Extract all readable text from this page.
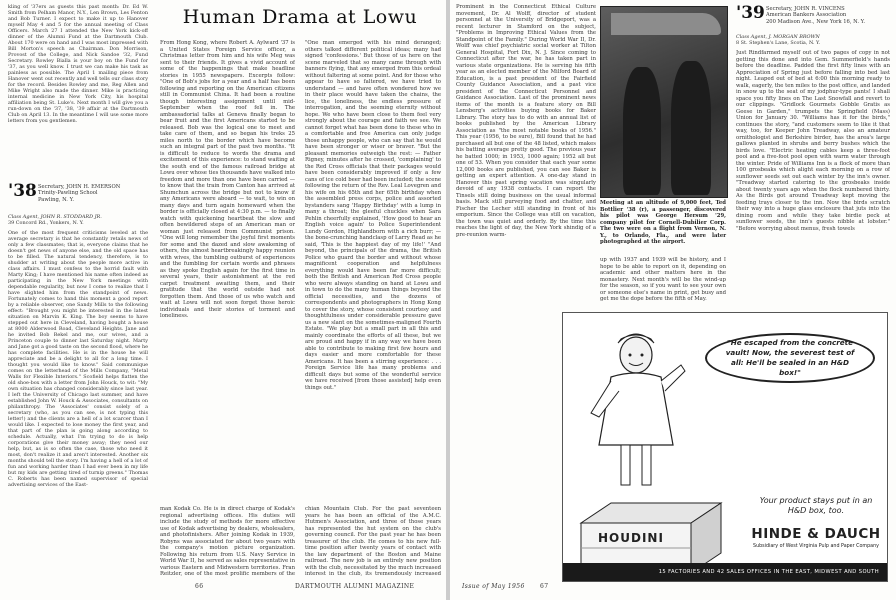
kling of '37ers as guests this past month: Dr. Ed W. Smith from Pelham Manor, N.Y., Len Brown, Les Fenton and Bob Turner. I expect to make it up to Hanover myself May 4 and 5 for the annual meeting of Class Officers. March 27 I attended the New York kick-off dinner of the Alumni Fund at the Dartmouth Club. About 170 were on hand and I was most impressed with Bill Morton's speech as Chairman. Don Morrison, Provost of the College, and Nick Sandoe '32, Fund Secretary. Rowley Bialla is your boy on the Fund for '37, as you well know. I trust we can make his task as painless as possible. The April 1 mailing piece from Hanover went out recently and well tells our class story for the record. Besides Rowley and me, Reg Allen and Mike Wright also made the dinner. Mike is practicing internal medicine in New York City, his hospital affiliation being St. Luke's. Next month I will give you a run-down on the '37, '38, '39 affair at the Dartmouth Club on April 13. In the meantime I will use some more letters from you gentlemen.
'38 Secretary, JOHN H. EMERSON
Trinity-Pawling School
Pawling, N. Y.
Class Agent, JOHN R. STODDARD JR.
39 Concord Rd., Yonkers, N. Y.
One of the most frequent criticisms leveled at the average secretary is that he constantly retails news of only a few classmates; that is, everyone claims that he doesn't get news of anyone else, and the old space has to be filled. The natural tendency, therefore, is to shudder at writing about the people more active in class affairs. I must confess to the horrid fault with Marty King; I have mentioned his name often indeed as participating in the New York meetings with dependable regularity, but now I come to realize that I have slighted him from the standpoint of news. Fortunately comes to hand this moment a good report by a reliable observer, one Sandy Mills to the following effect: "Brought you might be interested in the latest situation on Marvin K. King. The boy seems to have stepped out here in Cleveland, having bought a house at 8000 Alderwood Road, Cleveland Heights. Jane and he invited Bob Rekel and me, our wives, and a Princeton couple to dinner last Saturday night. Marty and Jane got a good taste on the second flood, where he has complete facilities. He is in the house he will appreciate and be a delight to all for a long time. I thought you would like to know." Said communique comes on the letterhead of the Mills Company, "Metal Walls for Flexible Interiors." Scofield helps flatten the old shoe-box with a letter from John Houck, to wit: "My own situation has changed considerably since last year. I left the University of Chicago last summer, and have established John W. Houck & Associates, consultants on philanthropy. The 'Associates' consist solely of a secretary (who, as you can see, is not typing this letter!) and the clients are a hell of a lot scarcer than I would like. I expected to lose money the first year, and that part of the plan is going along according to schedule. Actually, what I'm trying to do is help corporations give their money away; they need our help, but, as is so often the case, those who need it most, don't realize it and aren't interested. Another six months should tell the story. I'm having a hell of a lot of fun and working harder than I had ever been in my life but my kids are getting tired of turnip greens." Thomas C. Roberts has been named supervisor of special advertising services of the East-
Human Drama at Lowu
From Hong Kong, where Robert A. Aylward '37 is a United States Foreign Service officer, a Christmas letter from him and his wife Meg was sent to their friends. It gives a vivid account of some of the happenings that make headline stories in 1955 newspapers. Excerpts follow: "One of Bob's jobs for a year and a half has been following and reporting on the American citizens still in Communist China. It had been a routine though interesting assignment until mid-September when the roof fell in. The ambassadorial talks at Geneva finally began to bear fruit and the first Americans started to be released. Bob was the logical one to meet and take care of them, and so began his treks 25 miles north to the border which have become such an integral part of the past two months. "It is difficult to reduce to words the drama and excitement of this experience: to stand waiting at the south end of the famous railroad bridge at Lowu over whose ties thousands have walked into freedom and more than one have been carried — to know that the train from Canton has arrived at Shumchun across the bridge but not to know if any Americans were aboard — to wait, to win on many days and turn again homeward when the border is officially closed at 4:30 p.m. — to finally watch with quickening heartbeat the slow and often bewildered steps of an American man or woman just released from Communist prison. "One will long remember the joyful first moments for some and the dazed and slow awakening of others, the almost heartbreakingly happy reunion with wives, the tumbling outburst of experiences and the fumbling for certain words and phrases as they spoke English again for the first time in several years, their astonishment at the red carpet treatment awaiting them, and their gratitude that the world outside had not forgotten them. And those of us who watch and wait at Lowu will not soon forget those heroic individuals and their stories of torment and loneliness.
"One man emerged with his mind deranged; others talked different political ideas; many had signed 'confessions.' But those of us here on the scene marveled that so many came through with banners flying, that any emerged from this ordeal without faltering at some point. And for those who appear to have so faltered, we have tried to understand — and have often wondered how we in their place would have taken the chains, the lice, the loneliness, the endless pressure of interrogation, and the seeming eternity without hope. We who have been close to them feel very strongly about the courage and faith we see. We cannot forget what has been done to these who in a comfortable and free America can only judge those unhappy people, who can say that he would have been stronger or wiser or braver. "But the pleasant memories outweigh the rest: — Father Rigney, minutes after he crossed, 'complaining' to the Red Cross officials that their packages would have been considerably improved if only a few cans of ice cold beer had been included; the scene following the return of the Rev. Leal Lovegren and his wife on his 65th and her 65th birthday when the assembled press corps, police and assorted bystanders sang 'Happy Birthday' with a lump in many a throat; the gleeful chuckles when Sara Pehlin cheerfully explained, 'How good to hear an English voice again' to Police Superintendent Lundy Gordon, Highlandborn with a rich burr; — the bone-crunching handclasp of Larry Read as he said, 'This is the happiest day of my life!' "And beyond, the principals of the drama, the British Police who guard the border and without whose magnificent cooperation and helpfulness everything would have been far more difficult; both the British and American Red Cross people who were always standing on hand at Lowu and in town to do the many human things beyond the official necessities, and the dozens of correspondents and photographers in Hong Kong to cover the story, whose consistent courtesy and thoughtfulness under considerable pressure gave us a new slant on the sometimes-maligned Fourth Estate. "We play but a small part in all this and mainly coordinate the efforts of all these, but we are proud and happy if in any way we have been able to contribute to making first few hours and days easier and more comfortable for these Americans. It has been a stirring experience: . . . Foreign Service life has many problems and difficult days but some of the wonderful service we have received [from those assisted] help even things out."
man Kodak Co. He is in direct charge of Kodak's regional advertising offices. His duties will include the study of methods for more effective use of Kodak advertising by dealers, wholesalers, and photofinishers. After joining Kodak in 1939, Robyns was associated for about two years with the company's motion picture organization. Following his return from U.S. Navy Service in World War II, he served as sales representative in various Eastern and Midwestern territories. Fran Reitzler, one of the most prolific members of the
chian Mountain Club. For the past seventeen years he has been an official of the A.M.C. Hutmen's Association, and three of those years has represented the hut system on the club's governing council. For the past year he has been treasurer of the club. He comes to his new full-time position after twenty years of contact with the law department of the Boston and Maine railroad. The new job is an entirely new position with the club, necessitated by the much increased interest in the club, its tremendously increased
66	DARTMOUTH ALUMNI MAGAZINE
Prominent in the Connecticut Ethical Culture movement, Dr. Al Wolff, director of student personnel at the University of Bridgeport, was a recent lecturer in Stamford on the subject, "Problems in Improving Ethical Values from the Standpoint of the Family." During World War II, Dr. Wolff was chief psychiatric social worker at Tilton General Hospital, Fort Dix, N. J. Since coming to Connecticut after the war, he has taken part in various state organizations. He is serving his fifth year as an elected member of the Milford Board of Education, is a past president of the Fairfield County Guidance Association, and a past vice president of the Connecticut Personnel and Guidance Association. Last of the prominent news items of the month is a feature story on Bill Lensberg's activities buying books for Baker Library. The story has to do with an annual list of books published by the American Library Association as "the most notable books of 1956." This year (1956, to be sure), Bill found that he had purchased all but one of the 48 listed, which makes his batting average pretty good. The previous year he batted 1000; in 1953, 1000 again; 1952 all but one of 53. When you consider that each year some 12,000 books are published, you can see Baker is getting an expert attention. A one-day stand in Hanover this past spring vacation was singularly devoid of any 1938 contacts. I can report the Tinsels still doing business on the usual informal basis. Mack still purveying food and chatter, and Fischer the Lecher still standing in front of his emporium. Since the College was still on vacation, the town was quiet and orderly. By the time this reaches the light of day, the New York shindig of a pre-reunion warm-
Meeting at an altitude of 9,000 feet, Ted Bottlier '38 (r), a passenger, discovered his pilot was George Hersum '29, company pilot for Cornell-Dubilier Corp. The two were on a flight from Vernon, N. Y., to Orlando, Fla., and were later photographed at the airport.
up with 1937 and 1939 will be history, and I hope to be able to report on it, depending on academic and other matters here in the monastery. Next month's will be the wind-up for the season, so if you want to see your own or someone else's name in print, get busy and get me the dope before the fifth of May.
'39 Secretary, JOHN R. VINCENS
American Bankers Association
200 Madison Ave., New York 16, N. Y.
Class Agent, J. MORGAN BROWN
8 St. Stephen's Lane, Scotia, N. Y.
Just Rindfarmed myself out of two pages of copy in not getting this done and into Gem. Summerfield's hands before the deadline. Padded the first fifty lines with an Appreciation of Spring just before falling into bed last night. Leaped out of bed at 6:00 this morning ready to walk, eagerly, the ten miles to the post office, and landed in snow up to the seat of my jodphur-type pants! I shall space you fifty lines on The Last Snowfall and revert to our clippings. "Gridlock Gourmets Gobble Gratis as Geese in Garden," trumpets the Springfield (Mass) Union for January 30. "Williams has it for the birds," continues the story, "and customers seem to like it that way, too, for Keeper John Treadway, also an amateur ornithologist and Berkshire birder, has the area's large gallows planted in shrubs and berry bushes which the birds love. "Electric heating cables keep a three-foot pool and a five-foot pool open with warm water through the winter. Pride of Williams Inn is a flock of more than 100 grosbeaks which alight each morning on a row of sunflower seeds set out each winter by the inn's owner. "Treadway started catering to the grosbeaks inside about twenty years ago when the flock numbered thirty. As the Birds got around Treadway kept moving the feeding trays closer to the inn. Now the birds scratch their way into a huge glass enclosure that juts into the dining room and while they take birdie peck at sunflower seeds, the inn's guests nibble at lobster." "Before worrying about menus, fresh towels
"He escaped from the concrete vault! Now, the severest test of all: He'll be sealed in an H&D box!"
HOUDINI
Your product stays put in an H&D box, too.
HINDE & DAUCH
Subsidiary of West Virginia Pulp and Paper Company
15 FACTORIES AND 42 SALES OFFICES IN THE EAST, MIDWEST AND SOUTH
Issue of May 1956	67
